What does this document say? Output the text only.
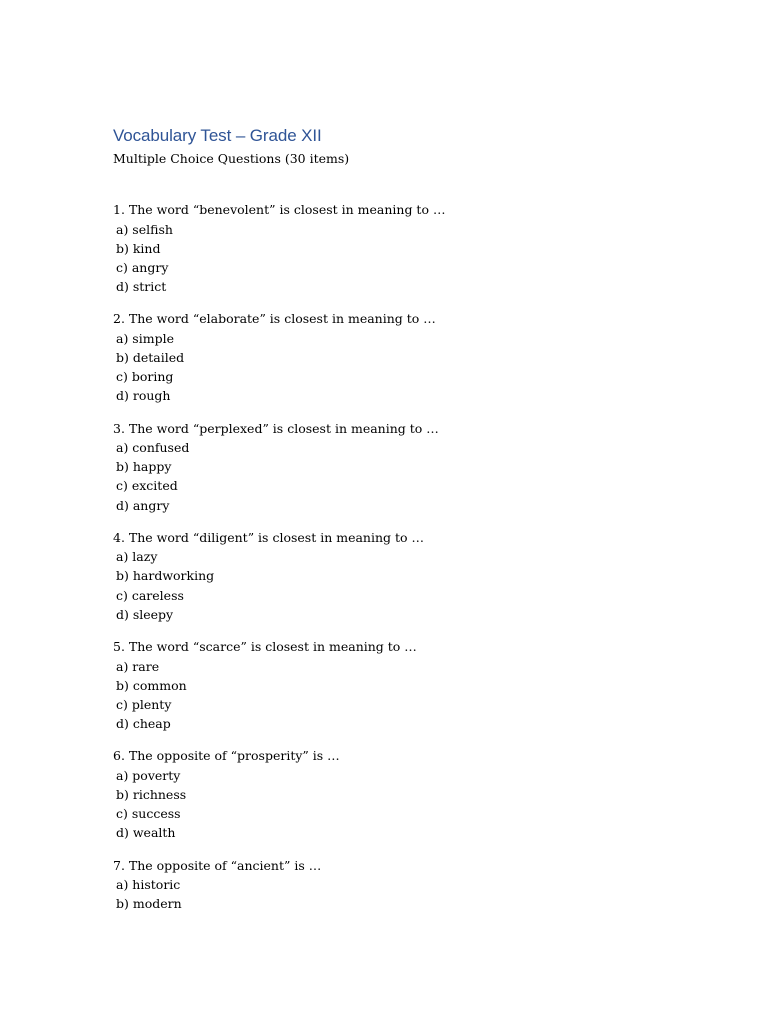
Vocabulary Test – Grade XII
Multiple Choice Questions (30 items)
1. The word “benevolent” is closest in meaning to …
a) selfish
b) kind
c) angry
d) strict
2. The word “elaborate” is closest in meaning to …
a) simple
b) detailed
c) boring
d) rough
3. The word “perplexed” is closest in meaning to …
a) confused
b) happy
c) excited
d) angry
4. The word “diligent” is closest in meaning to …
a) lazy
b) hardworking
c) careless
d) sleepy
5. The word “scarce” is closest in meaning to …
a) rare
b) common
c) plenty
d) cheap
6. The opposite of “prosperity” is …
a) poverty
b) richness
c) success
d) wealth
7. The opposite of “ancient” is …
a) historic
b) modern
